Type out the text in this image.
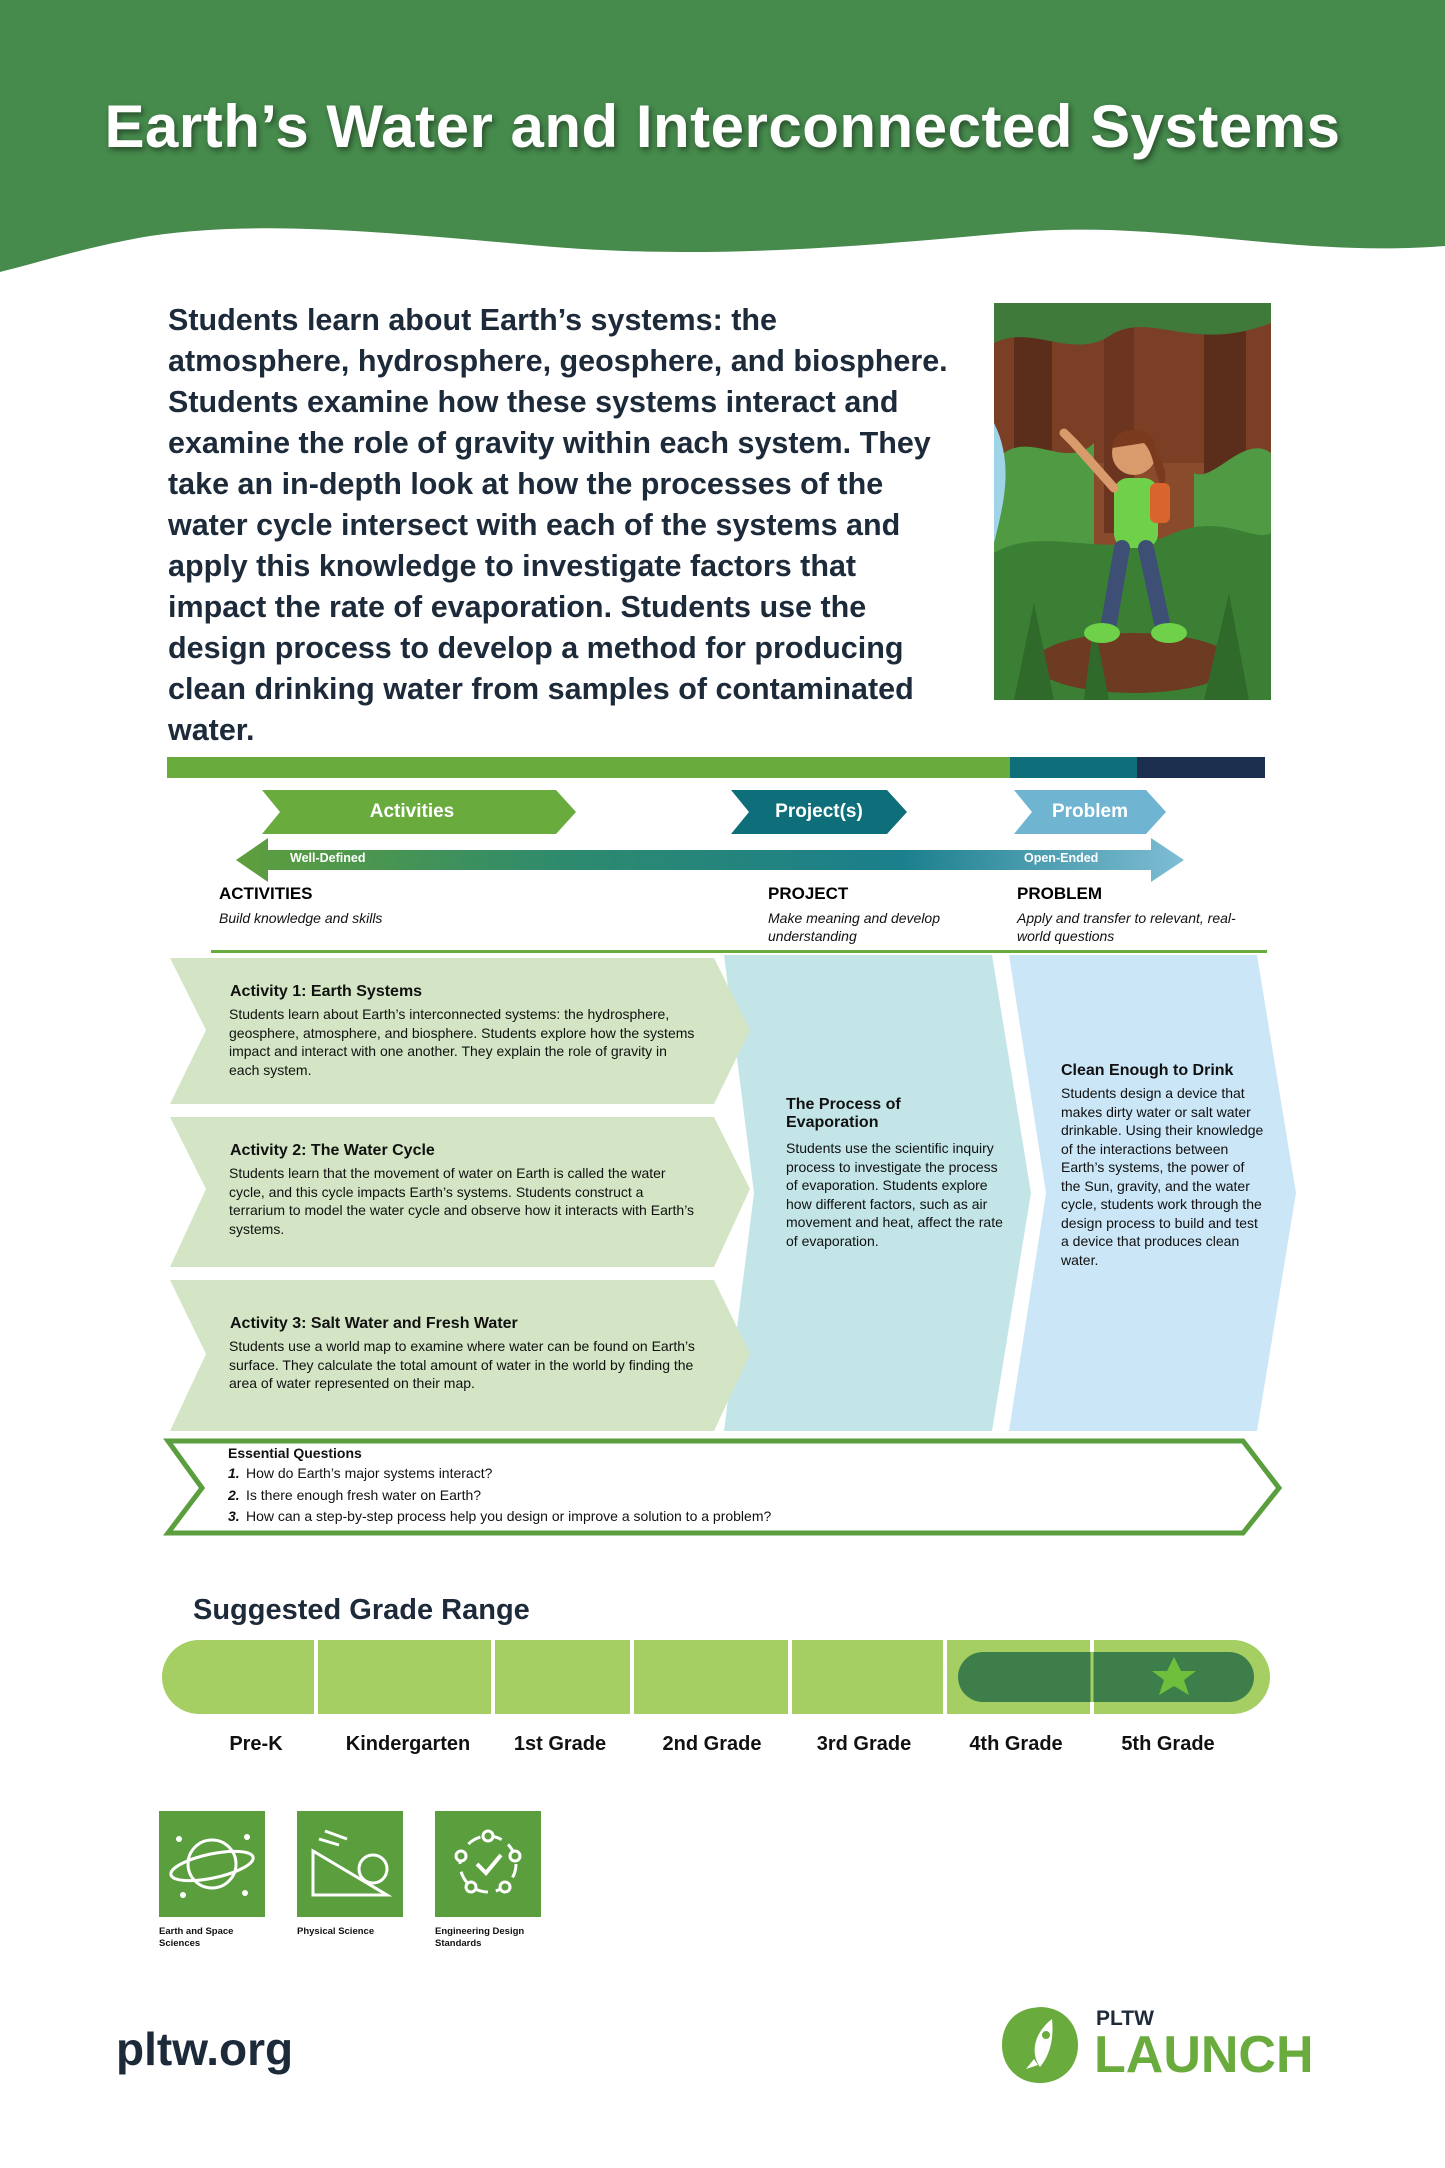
Earth’s Water and Interconnected Systems

Students learn about Earth’s systems: the atmosphere, hydrosphere, geosphere, and biosphere. Students examine how these systems interact and examine the role of gravity within each system. They take an in-depth look at how the processes of the water cycle intersect with each of the systems and apply this knowledge to investigate factors that impact the rate of evaporation. Students use the design process to develop a method for producing clean drinking water from samples of contaminated water.

Activities	Project(s)	Problem
Well-Defined	Open-Ended
ACTIVITIES
Build knowledge and skills
PROJECT
Make meaning and develop understanding
PROBLEM
Apply and transfer to relevant, real-world questions
Activity 1: Earth Systems
Students learn about Earth’s interconnected systems: the hydrosphere, geosphere, atmosphere, and biosphere. Students explore how the systems impact and interact with one another. They explain the role of gravity in each system.
Activity 2: The Water Cycle
Students learn that the movement of water on Earth is called the water cycle, and this cycle impacts Earth’s systems. Students construct a terrarium to model the water cycle and observe how it interacts with Earth’s systems.
Activity 3: Salt Water and Fresh Water
Students use a world map to examine where water can be found on Earth’s surface. They calculate the total amount of water in the world by finding the area of water represented on their map.
The Process of Evaporation
Students use the scientific inquiry process to investigate the process of evaporation. Students explore how different factors, such as air movement and heat, affect the rate of evaporation.
Clean Enough to Drink
Students design a device that makes dirty water or salt water drinkable. Using their knowledge of the interactions between Earth’s systems, the power of the Sun, gravity, and the water cycle, students work through the design process to build and test a device that produces clean water.
Essential Questions
1. How do Earth’s major systems interact?
2. Is there enough fresh water on Earth?
3. How can a step-by-step process help you design or improve a solution to a problem?
Suggested Grade Range
Pre-K	Kindergarten	1st Grade	2nd Grade	3rd Grade	4th Grade	5th Grade
Earth and Space Sciences
Physical Science	Engineering Design Standards
pltw.org
PLTW
LAUNCH
